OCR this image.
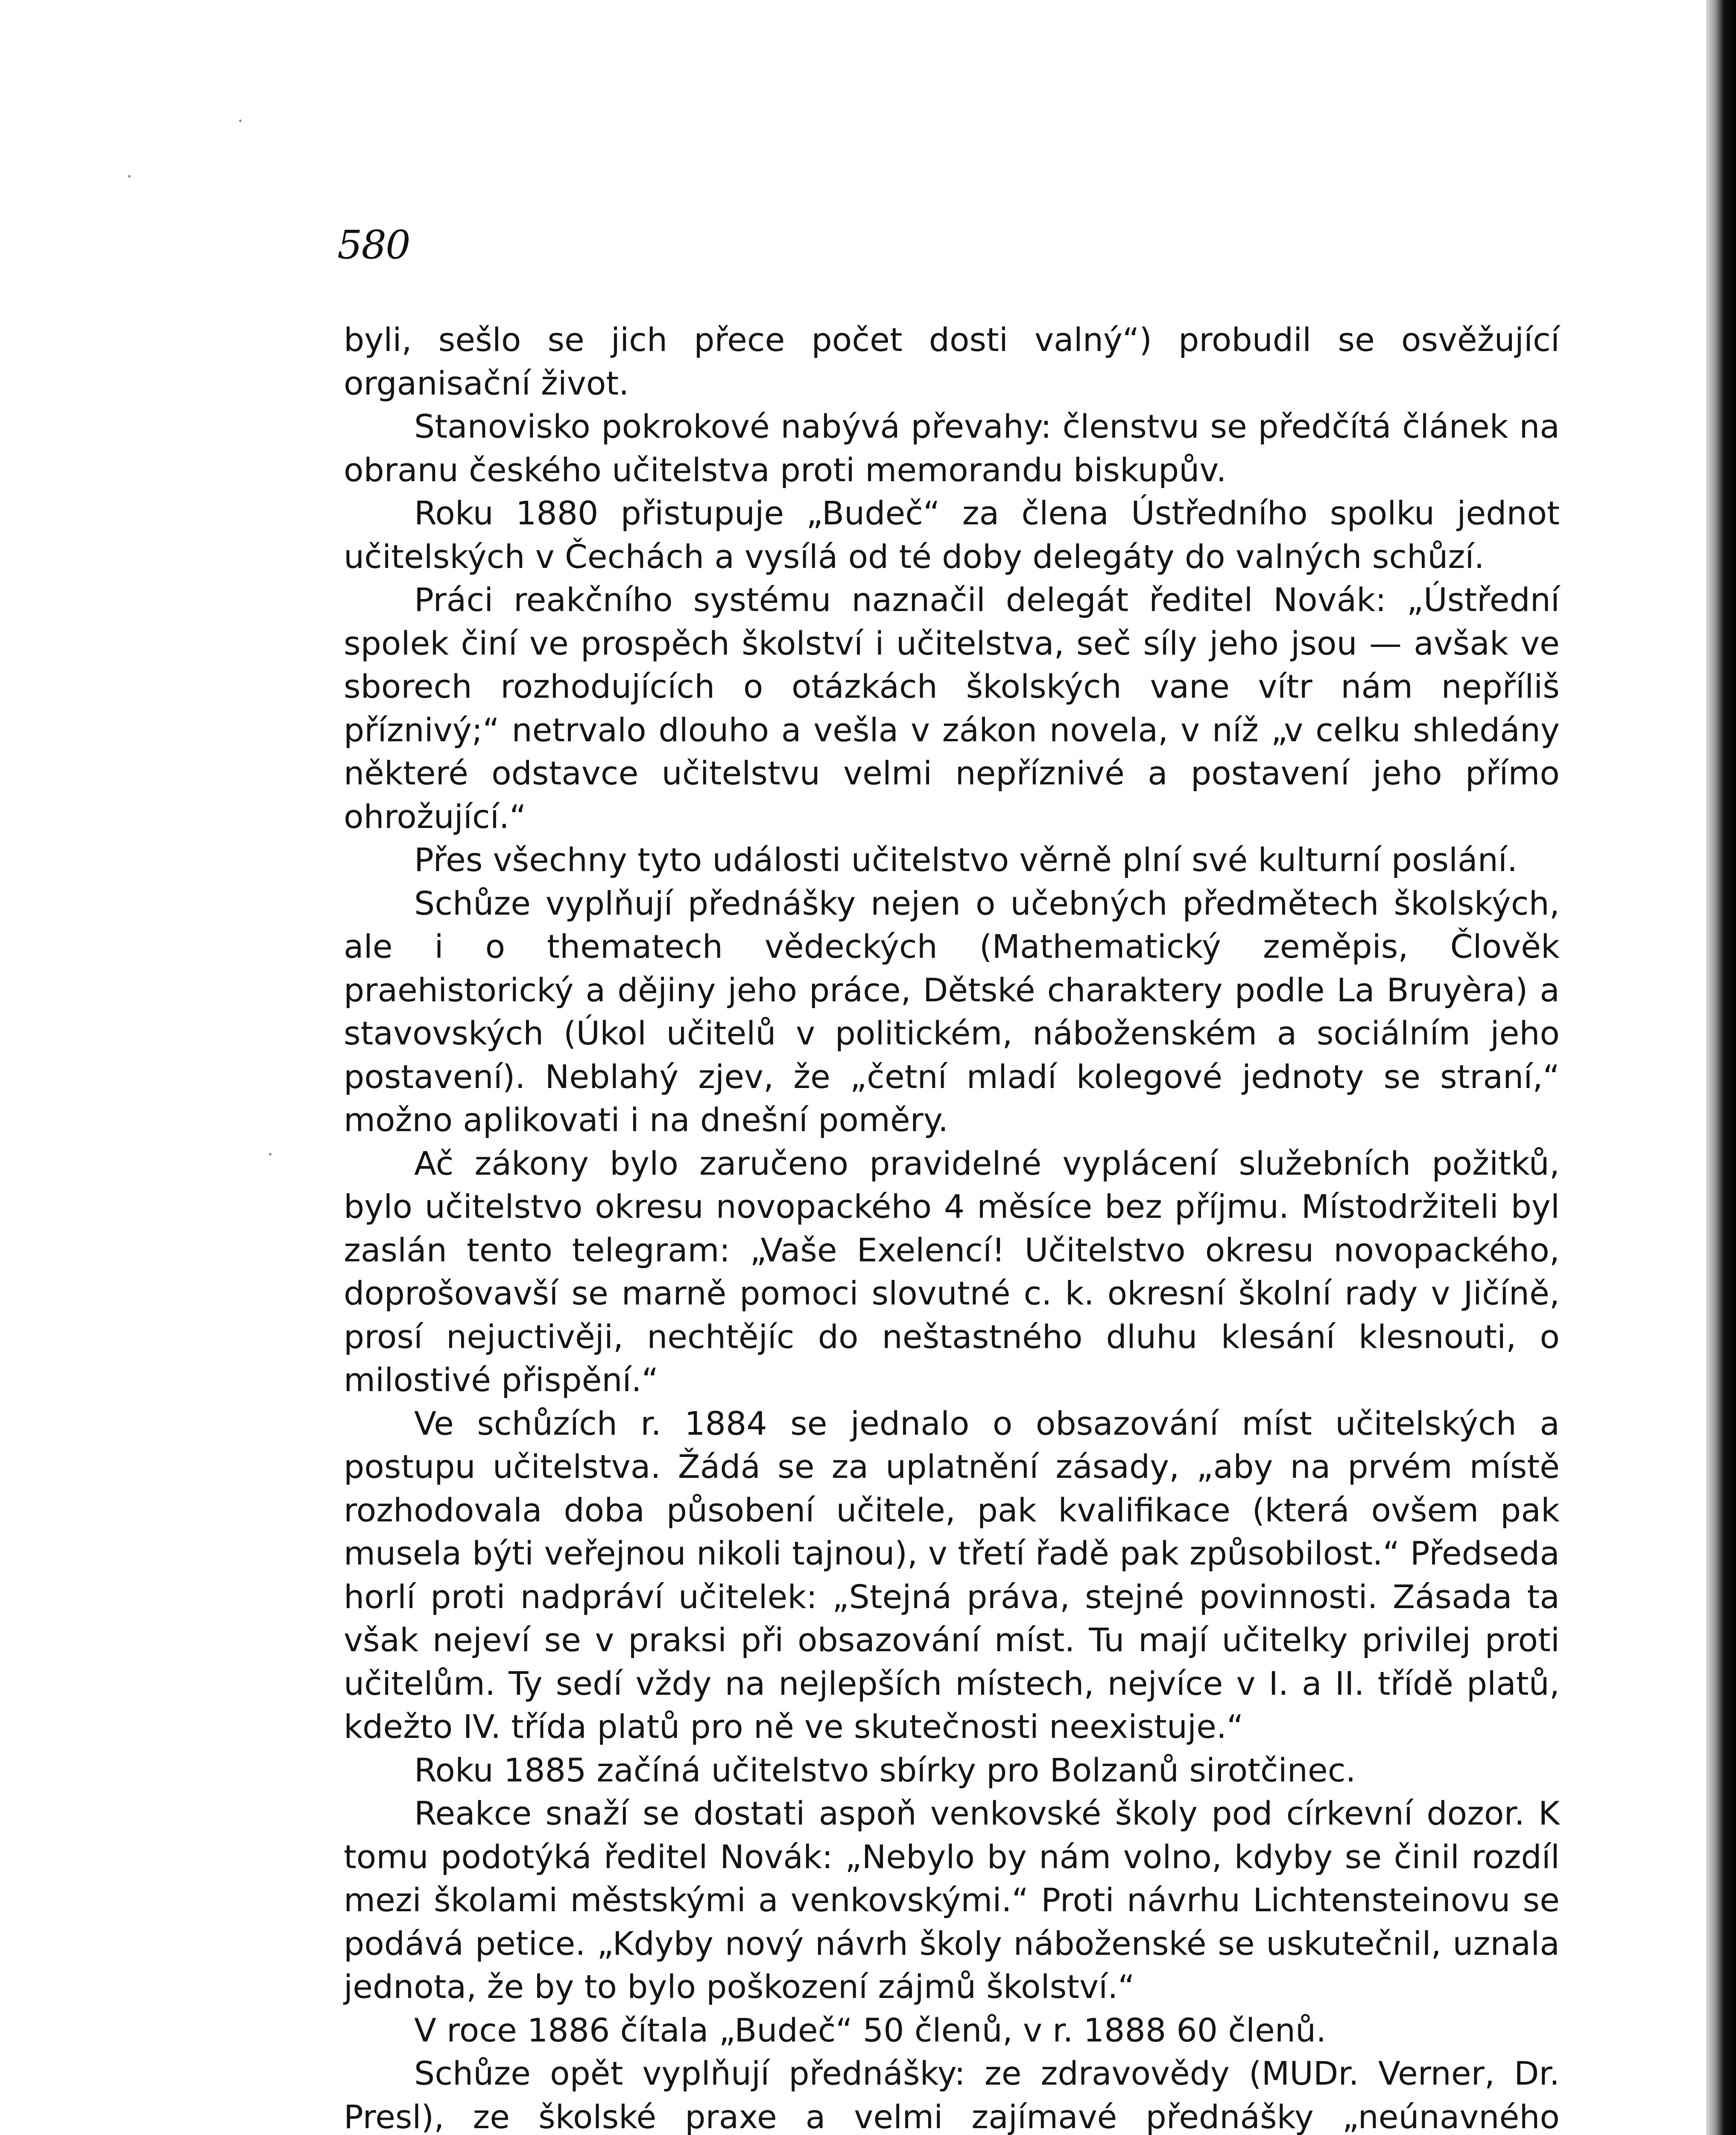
580

byli, sešlo se jich přece počet dosti valný“) probudil se osvěžující organisační život.

Stanovisko pokrokové nabývá převahy: členstvu se předčítá článek na obranu českého učitelstva proti memorandu biskupův.

Roku 1880 přistupuje „Budeč“ za člena Ústředního spolku jednot učitelských v Čechách a vysílá od té doby delegáty do valných schůzí.

Práci reakčního systému naznačil delegát ředitel Novák: „Ústřední spolek činí ve prospěch školství i učitelstva, seč síly jeho jsou — avšak ve sborech rozhodujících o otázkách školských vane vítr nám nepříliš příznivý;“ netrvalo dlouho a vešla v zákon novela, v níž „v celku shledány některé odstavce učitelstvu velmi nepříznivé a postavení jeho přímo ohrožující.“

Přes všechny tyto události učitelstvo věrně plní své kulturní poslání.

Schůze vyplňují přednášky nejen o učebných předmětech školských, ale i o thematech vědeckých (Mathematický zeměpis, Člověk praehistorický a dějiny jeho práce, Dětské charaktery podle La Bruyèra) a stavovských (Úkol učitelů v politickém, náboženském a sociálním jeho postavení). Neblahý zjev, že „četní mladí kolegové jednoty se straní,“ možno aplikovati i na dnešní poměry.

Ač zákony bylo zaručeno pravidelné vyplácení služebních požitků, bylo učitelstvo okresu novopackého 4 měsíce bez příjmu. Místodržiteli byl zaslán tento telegram: „Vaše Exelencí! Učitelstvo okresu novopackého, doprošovavší se marně pomoci slovutné c. k. okresní školní rady v Jičíně, prosí nejuctivěji, nechtějíc do neštastného dluhu klesání klesnouti, o milostivé přispění.“

Ve schůzích r. 1884 se jednalo o obsazování míst učitelských a postupu učitelstva. Žádá se za uplatnění zásady, „aby na prvém místě rozhodovala doba působení učitele, pak kvalifikace (která ovšem pak musela býti veřejnou nikoli tajnou), v třetí řadě pak způsobilost.“ Předseda horlí proti nadpráví učitelek: „Stejná práva, stejné povinnosti. Zásada ta však nejeví se v praksi při obsazování míst. Tu mají učitelky privilej proti učitelům. Ty sedí vždy na nejlepších místech, nejvíce v I. a II. třídě platů, kdežto IV. třída platů pro ně ve skutečnosti neexistuje.“

Roku 1885 začíná učitelstvo sbírky pro Bolzanů sirotčinec.

Reakce snaží se dostati aspoň venkovské školy pod církevní dozor. K tomu podotýká ředitel Novák: „Nebylo by nám volno, kdyby se činil rozdíl mezi školami městskými a venkovskými.“ Proti návrhu Lichtensteinovu se podává petice. „Kdyby nový návrh školy náboženské se uskutečnil, uznala jednota, že by to bylo poškození zájmů školství.“

V roce 1886 čítala „Budeč“ 50 členů, v r. 1888 60 členů.

Schůze opět vyplňují přednášky: ze zdravovědy (MUDr. Verner, Dr. Presl), ze školské praxe a velmi zajímavé přednášky „neúnavného
